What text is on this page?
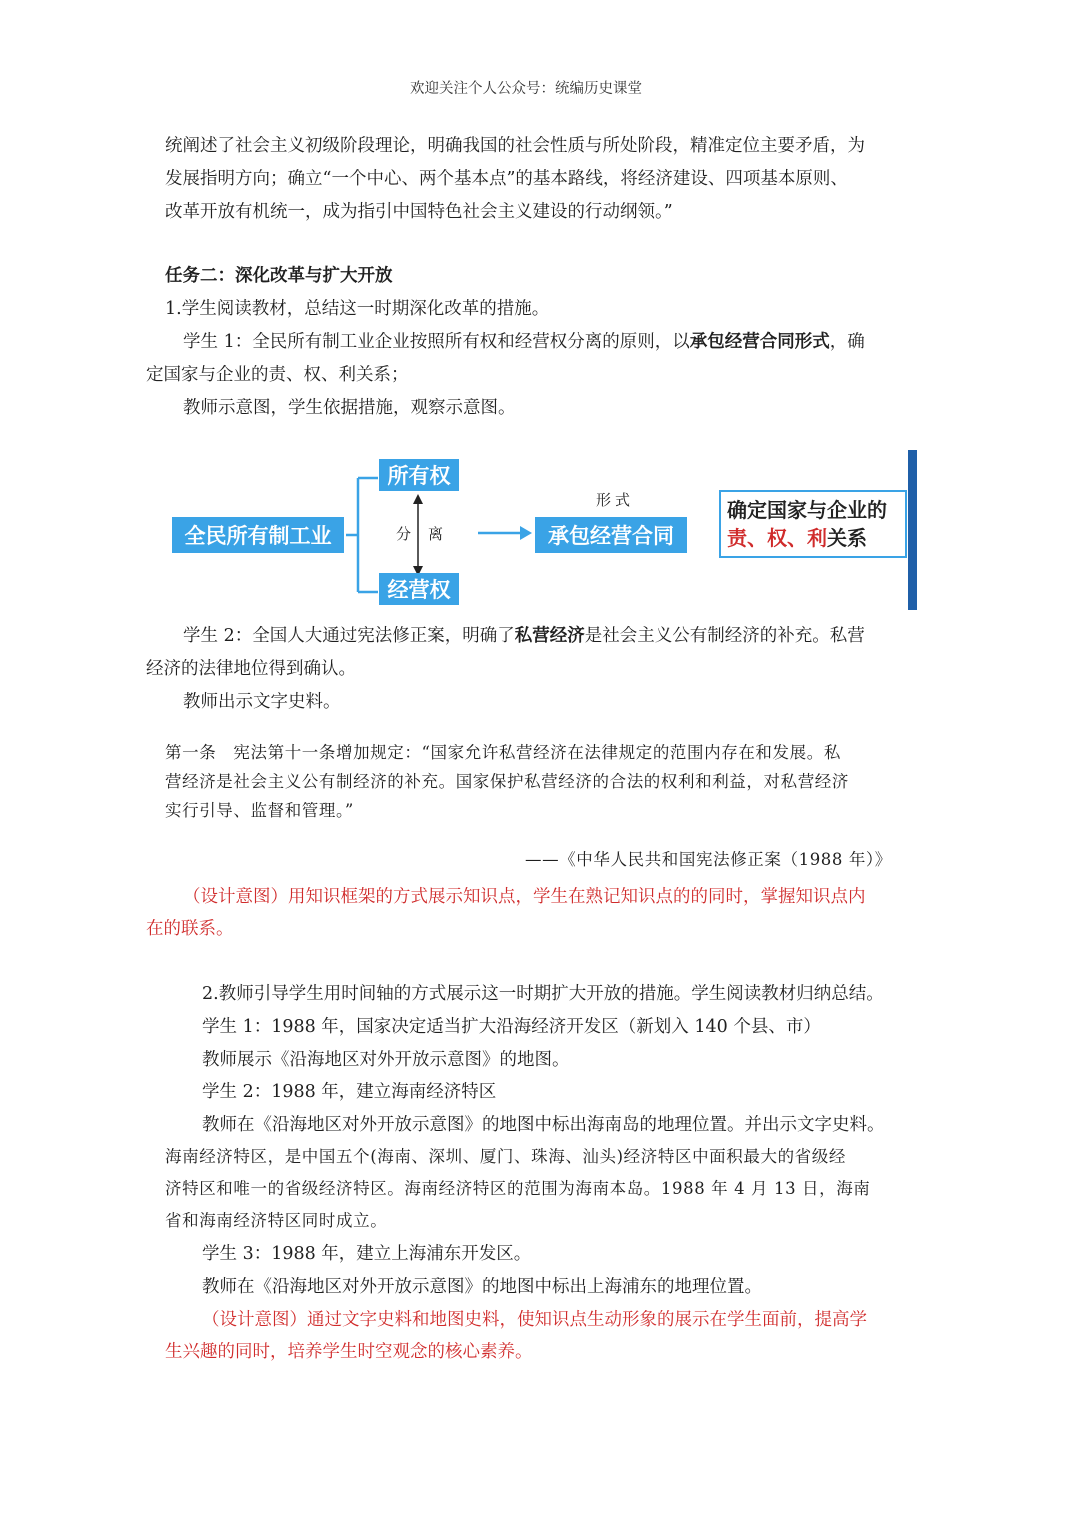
欢迎关注个人公众号：统编历史课堂
统阐述了社会主义初级阶段理论，明确我国的社会性质与所处阶段，精准定位主要矛盾，为
发展指明方向；确立“一个中心、两个基本点”的基本路线，将经济建设、四项基本原则、
改革开放有机统一，成为指引中国特色社会主义建设的行动纲领。”
任务二：深化改革与扩大开放
1.学生阅读教材，总结这一时期深化改革的措施。
学生 1：全民所有制工业企业按照所有权和经营权分离的原则，以承包经营合同形式，确
定国家与企业的责、权、利关系；
教师示意图，学生依据措施，观察示意图。
全民所有制工业
所有权
经营权
分 离
形式
承包经营合同
确定国家与企业的
责、权、利关系
学生 2：全国人大通过宪法修正案，明确了私营经济是社会主义公有制经济的补充。私营
经济的法律地位得到确认。
教师出示文字史料。
第一条　宪法第十一条增加规定：“国家允许私营经济在法律规定的范围内存在和发展。私
营经济是社会主义公有制经济的补充。国家保护私营经济的合法的权利和利益，对私营经济
实行引导、监督和管理。”
——《中华人民共和国宪法修正案（1988 年）》
（设计意图）用知识框架的方式展示知识点，学生在熟记知识点的的同时，掌握知识点内
在的联系。
2.教师引导学生用时间轴的方式展示这一时期扩大开放的措施。学生阅读教材归纳总结。
学生 1：1988 年，国家决定适当扩大沿海经济开发区（新划入 140 个县、市）
教师展示《沿海地区对外开放示意图》的地图。
学生 2：1988 年，建立海南经济特区
教师在《沿海地区对外开放示意图》的地图中标出海南岛的地理位置。并出示文字史料。
海南经济特区，是中国五个(海南、深圳、厦门、珠海、汕头)经济特区中面积最大的省级经
济特区和唯一的省级经济特区。海南经济特区的范围为海南本岛。1988 年 4 月 13 日，海南
省和海南经济特区同时成立。
学生 3：1988 年，建立上海浦东开发区。
教师在《沿海地区对外开放示意图》的地图中标出上海浦东的地理位置。
（设计意图）通过文字史料和地图史料，使知识点生动形象的展示在学生面前，提高学
生兴趣的同时，培养学生时空观念的核心素养。
